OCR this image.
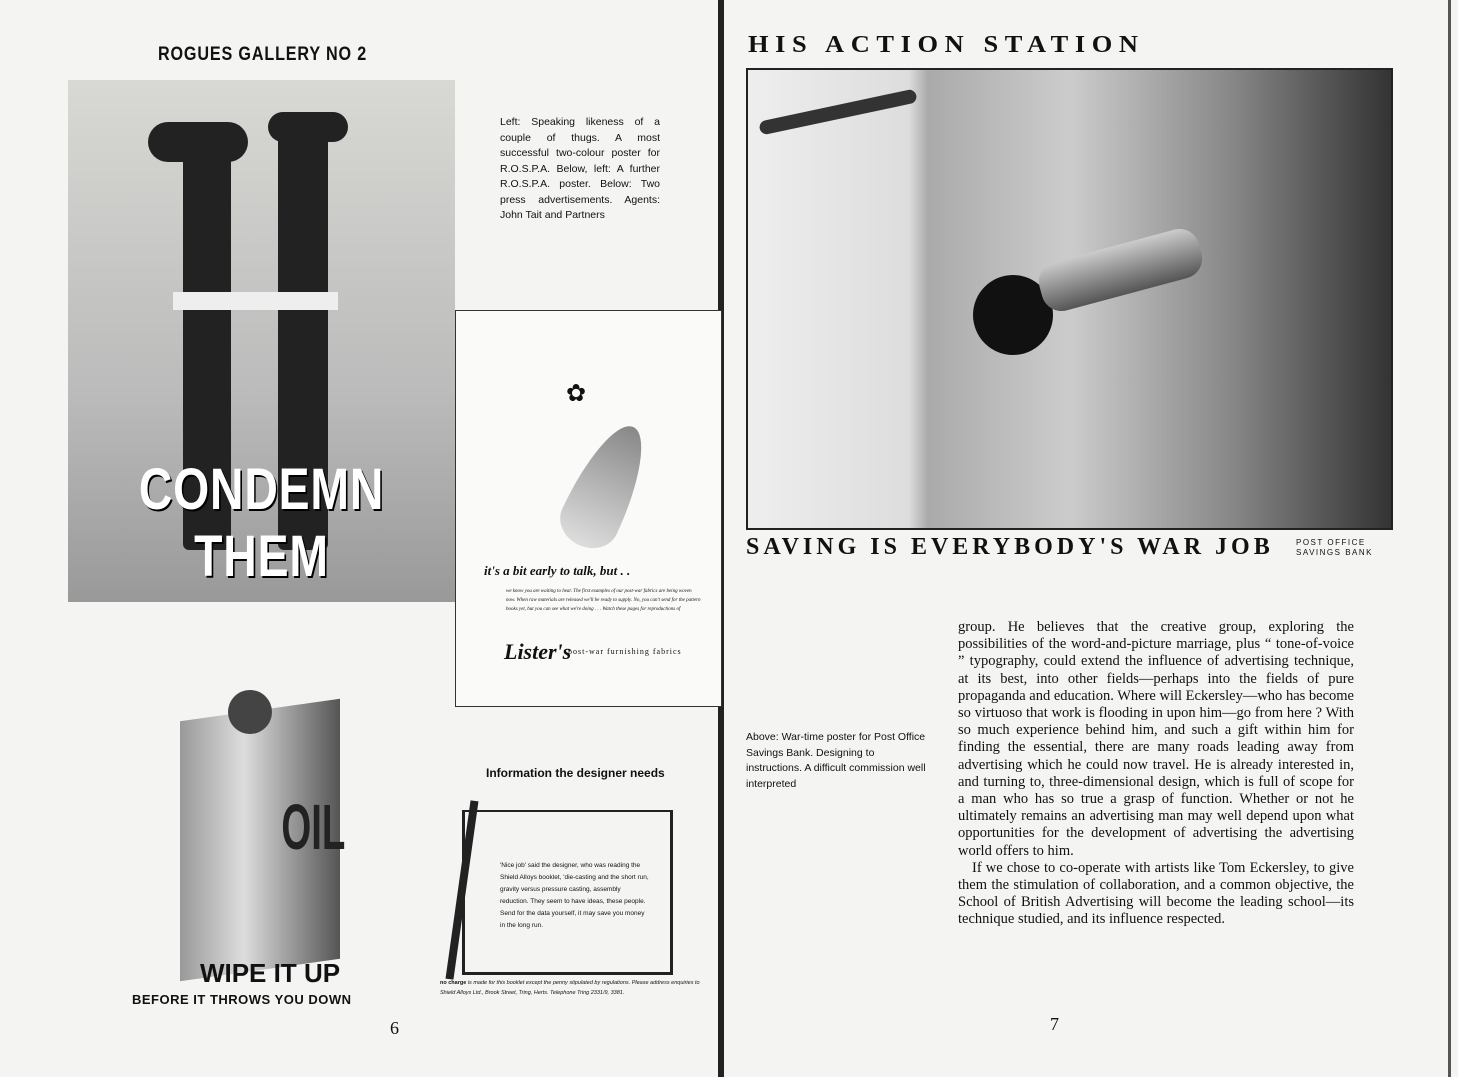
ROGUES GALLERY NO 2
CONDEMN THEM
Left: Speaking likeness of a couple of thugs. A most successful two-colour poster for R.O.S.P.A. Below, left: A further R.O.S.P.A. poster. Below: Two press advertisements. Agents: John Tait and Partners
✿
it's a bit early to talk, but . .
we know you are waiting to hear. The first examples of our post-war fabrics are being woven now. When raw materials are released we'll be ready to supply. No, you can't send for the pattern books yet, but you can see what we're doing . . . Watch these pages for reproductions of
Lister's
post-war furnishing fabrics
OIL
WIPE IT UP
BEFORE IT THROWS YOU DOWN
Information the designer needs
'Nice job' said the designer, who was reading the Shield Alloys booklet, 'die-casting and the short run, gravity versus pressure casting, assembly reduction. They seem to have ideas, these people. Send for the data yourself, it may save you money in the long run.
no charge is made for this booklet except the penny stipulated by regulations. Please address enquiries to Shield Alloys Ltd., Brook Street, Tring, Herts. Telephone Tring 2331/9, 3381.
6
HIS ACTION STATION
SAVING IS EVERYBODY'S WAR JOB	POST OFFICE SAVINGS BANK
Above: War-time poster for Post Office Savings Bank. Designing to instructions. A difficult commission well interpreted

group. He believes that the creative group, exploring the possibilities of the word-and-picture marriage, plus “ tone-of-voice ” typography, could extend the influence of advertising technique, at its best, into other fields—perhaps into the fields of pure propaganda and education. Where will Eckersley—who has become so virtuoso that work is flooding in upon him—go from here ? With so much experience behind him, and such a gift within him for finding the essential, there are many roads leading away from advertising which he could now travel. He is already interested in, and turning to, three-dimensional design, which is full of scope for a man who has so true a grasp of function. Whether or not he ultimately remains an advertising man may well depend upon what opportunities for the development of advertising the advertising world offers to him.

If we chose to co-operate with artists like Tom Eckersley, to give them the stimulation of collaboration, and a common objective, the School of British Advertising will become the leading school—its technique studied, and its influence respected.

7
